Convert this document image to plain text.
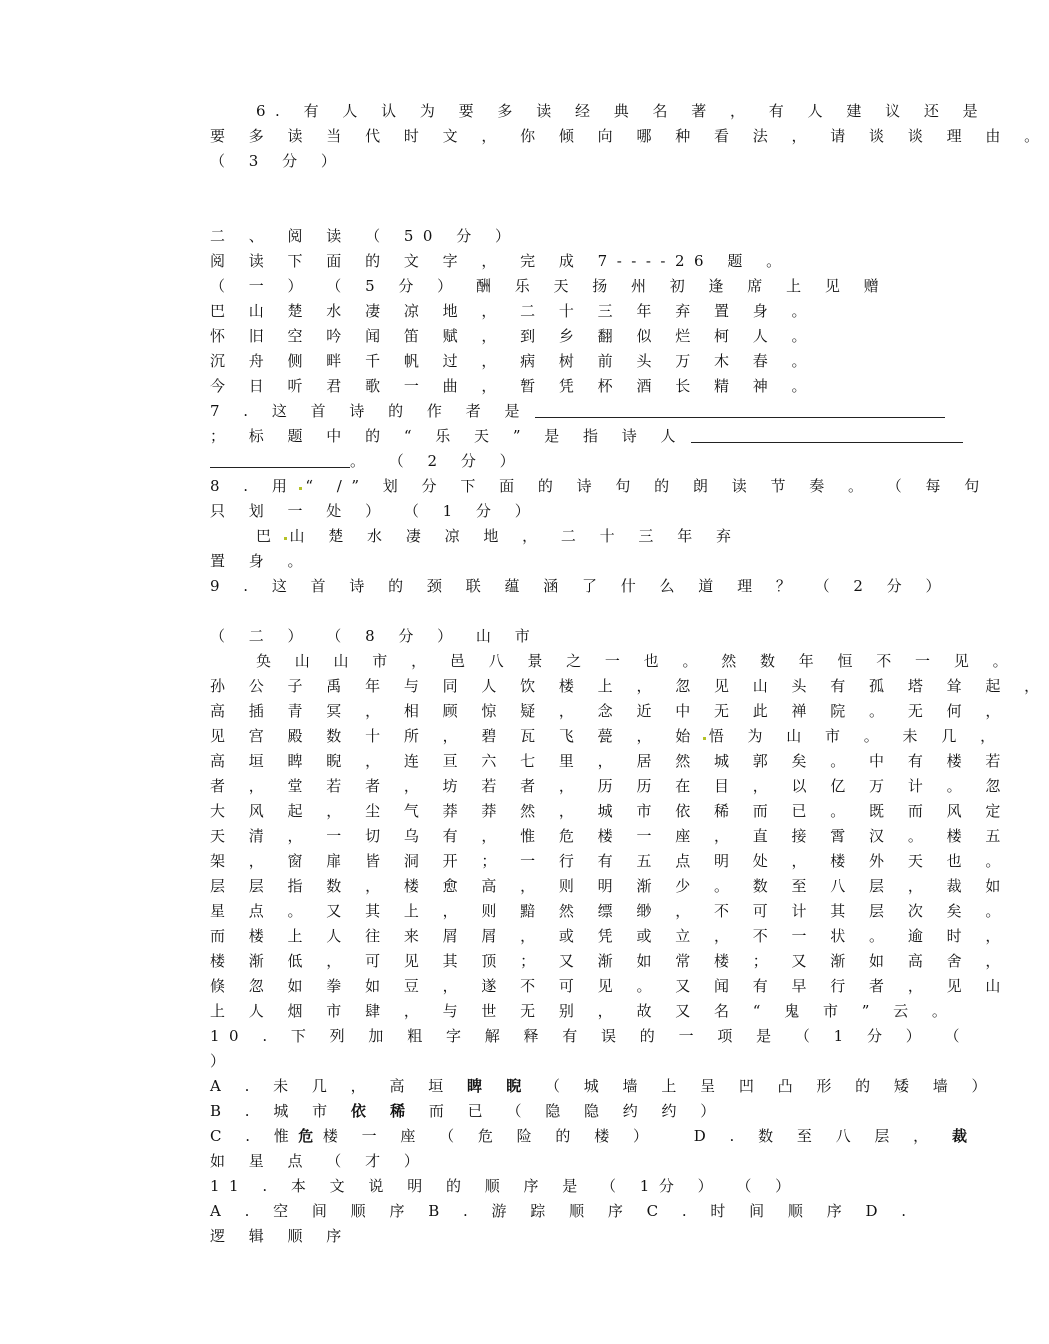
6. 有 人 认 为 要 多 读 经 典 名 著 ， 有 人 建 议 还 是
要 多 读 当 代 时 文 ， 你 倾 向 哪 种 看 法 ， 请 谈 谈 理 由 。
（ 3 分 ）
二 、 阅 读 （ 50 分 ）
阅 读 下 面 的 文 字 ， 完 成 7----26 题 。
（ 一 ） （ 5 分 ） 酬 乐 天 扬 州 初 逢 席 上 见 赠
巴 山 楚 水 凄 凉 地 ， 二 十 三 年 弃 置 身 。
怀 旧 空 吟 闻 笛 赋 ， 到 乡 翻 似 烂 柯 人 。
沉 舟 侧 畔 千 帆 过 ， 病 树 前 头 万 木 春 。
今 日 听 君 歌 一 曲 ， 暂 凭 杯 酒 长 精 神 。
7 . 这 首 诗 的 作 者 是
； 标 题 中 的 “ 乐 天 ” 是 指 诗 人
。 （ 2 分 ）
8 . 用 “ /” 划 分 下 面 的 诗 句 的 朗 读 节 奏 。 （ 每 句
只 划 一 处 ） （ 1 分 ）
巴 山 楚 水 凄 凉 地 ， 二 十 三 年 弃
置 身 。
9 . 这 首 诗 的 颈 联 蕴 涵 了 什 么 道 理 ？ （ 2 分 ）
（ 二 ） （ 8 分 ） 山 市
奂 山 山 市 ， 邑 八 景 之 一 也 。 然 数 年 恒 不 一 见 。
孙 公 子 禹 年 与 同 人 饮 楼 上 ， 忽 见 山 头 有 孤 塔 耸 起 ，
高 插 青 冥 ， 相 顾 惊 疑 ， 念 近 中 无 此 禅 院 。 无 何 ，
见 宫 殿 数 十 所 ， 碧 瓦 飞 甍 ， 始 悟 为 山 市 。 未 几 ，
高 垣 睥 睨 ， 连 亘 六 七 里 ， 居 然 城 郭 矣 。 中 有 楼 若
者 ， 堂 若 者 ， 坊 若 者 ， 历 历 在 目 ， 以 亿 万 计 。 忽
大 风 起 ， 尘 气 莽 莽 然 ， 城 市 依 稀 而 已 。 既 而 风 定
天 清 ， 一 切 乌 有 ， 惟 危 楼 一 座 ， 直 接 霄 汉 。 楼 五
架 ， 窗 扉 皆 洞 开 ； 一 行 有 五 点 明 处 ， 楼 外 天 也 。
层 层 指 数 ， 楼 愈 高 ， 则 明 渐 少 。 数 至 八 层 ， 裁 如
星 点 。 又 其 上 ， 则 黯 然 缥 缈 ， 不 可 计 其 层 次 矣 。
而 楼 上 人 往 来 屑 屑 ， 或 凭 或 立 ， 不 一 状 。 逾 时 ，
楼 渐 低 ， 可 见 其 顶 ； 又 渐 如 常 楼 ； 又 渐 如 高 舍 ，
倏 忽 如 拳 如 豆 ， 遂 不 可 见 。 又 闻 有 早 行 者 ， 见 山
上 人 烟 市 肆 ， 与 世 无 别 ， 故 又 名 “ 鬼 市 ” 云 。
10 . 下 列 加 粗 字 解 释 有 误 的 一 项 是 （ 1 分 ） （
）
A . 未 几 ， 高 垣 睥 睨 （ 城 墙 上 呈 凹 凸 形 的 矮 墙 ）
B . 城 市 依 稀 而 已 （ 隐 隐 约 约 ）
C . 惟危楼 一 座 （ 危 险 的 楼 ） D . 数 至 八 层 ， 裁
如 星 点 （ 才 ）
11 . 本 文 说 明 的 顺 序 是 （ 1分 ） （ ）
A . 空 间 顺 序 B . 游 踪 顺 序 C . 时 间 顺 序 D .
逻 辑 顺 序
